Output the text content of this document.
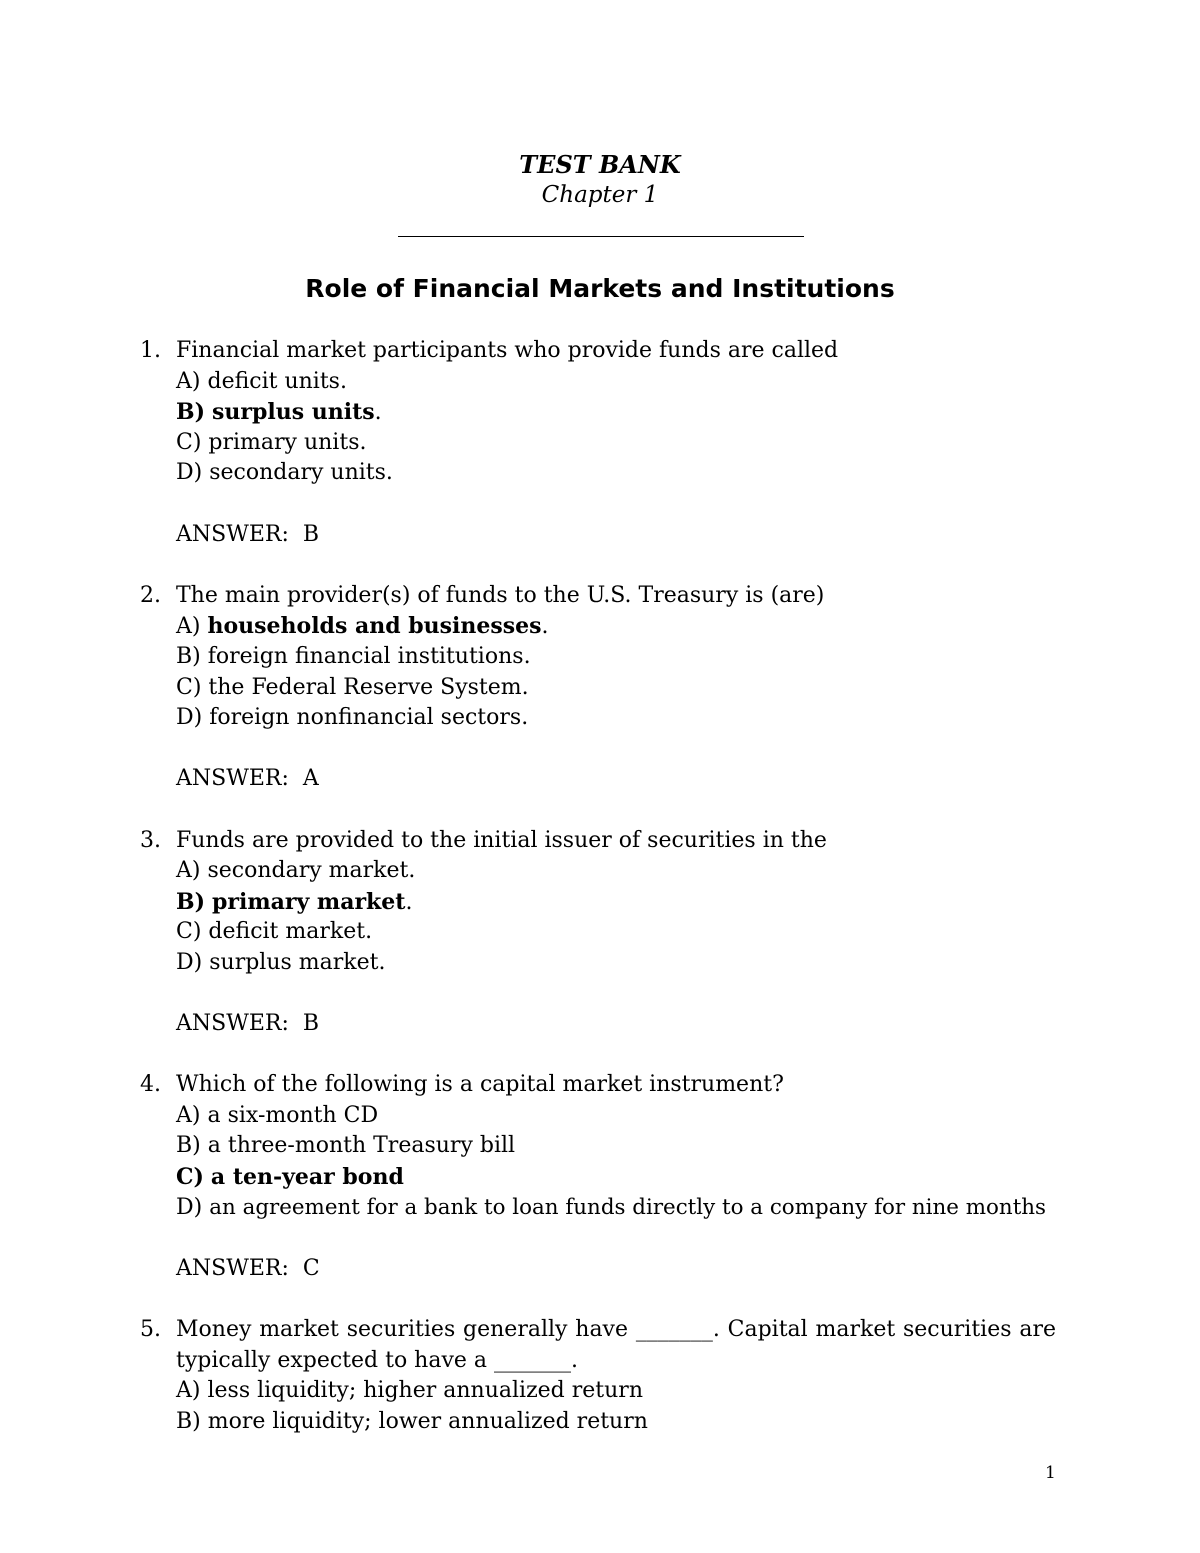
TEST BANK
Chapter 1
Role of Financial Markets and Institutions
1. Financial market participants who provide funds are called
A) deficit units.
B) surplus units.
C) primary units.
D) secondary units.
ANSWER:  B
2. The main provider(s) of funds to the U.S. Treasury is (are)
A) households and businesses.
B) foreign financial institutions.
C) the Federal Reserve System.
D) foreign nonfinancial sectors.
ANSWER:  A
3. Funds are provided to the initial issuer of securities in the
A) secondary market.
B) primary market.
C) deficit market.
D) surplus market.
ANSWER:  B
4. Which of the following is a capital market instrument?
A) a six-month CD
B) a three-month Treasury bill
C) a ten-year bond
D) an agreement for a bank to loan funds directly to a company for nine months
ANSWER:  C
5. Money market securities generally have _______. Capital market securities are
typically expected to have a _______.
A) less liquidity; higher annualized return
B) more liquidity; lower annualized return
1
